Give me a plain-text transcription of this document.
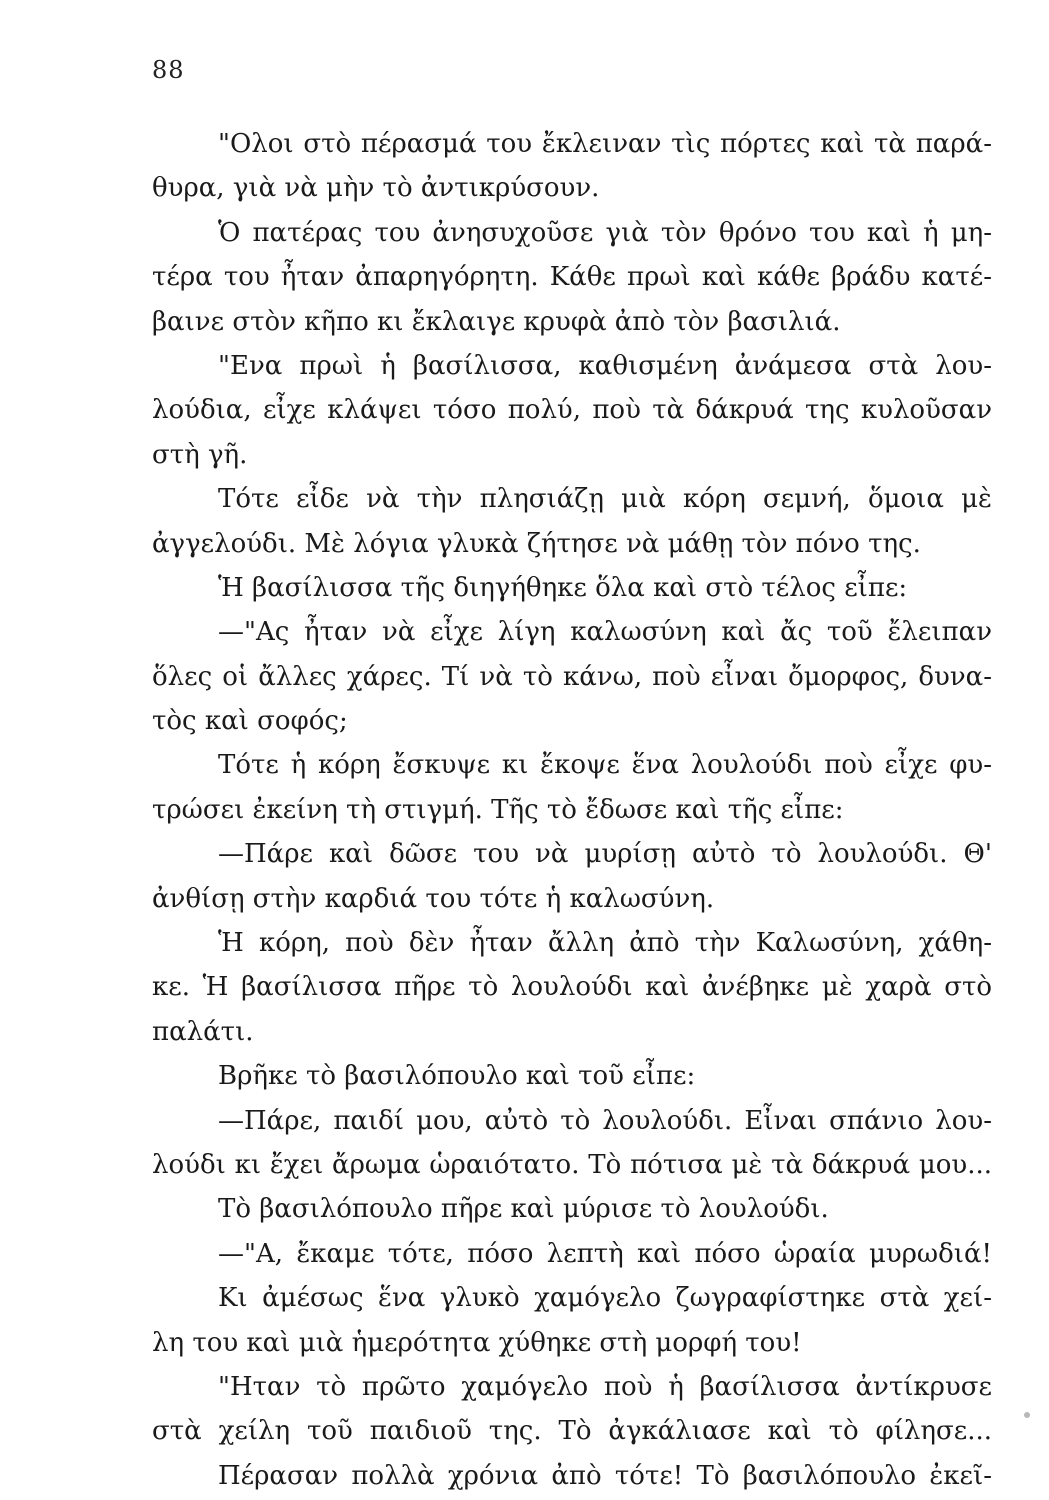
88
"Ολοι στὸ πέρασμά του ἔκλειναν τὶς πόρτες καὶ τὰ παρά-
θυρα, γιὰ νὰ μὴν τὸ ἀντικρύσουν.
Ὁ πατέρας του ἀνησυχοῦσε γιὰ τὸν θρόνο του καὶ ἡ μη-
τέρα του ἦταν ἀπαρηγόρητη. Κάθε πρωὶ καὶ κάθε βράδυ κατέ-
βαινε στὸν κῆπο κι ἔκλαιγε κρυφὰ ἀπὸ τὸν βασιλιά.
"Ενα πρωὶ ἡ βασίλισσα, καθισμένη ἀνάμεσα στὰ λου-
λούδια, εἶχε κλάψει τόσο πολύ, ποὺ τὰ δάκρυά της κυλοῦσαν
στὴ γῆ.
Τότε εἶδε νὰ τὴν πλησιάζῃ μιὰ κόρη σεμνή, ὅμοια μὲ
ἀγγελούδι. Μὲ λόγια γλυκὰ ζήτησε νὰ μάθῃ τὸν πόνο της.
Ἡ βασίλισσα τῆς διηγήθηκε ὅλα καὶ στὸ τέλος εἶπε:
—"Ας ἦταν νὰ εἶχε λίγη καλωσύνη καὶ ἄς τοῦ ἔλειπαν
ὅλες οἱ ἄλλες χάρες. Τί νὰ τὸ κάνω, ποὺ εἶναι ὄμορφος, δυνα-
τὸς καὶ σοφός;
Τότε ἡ κόρη ἔσκυψε κι ἔκοψε ἕνα λουλούδι ποὺ εἶχε φυ-
τρώσει ἐκείνη τὴ στιγμή. Τῆς τὸ ἔδωσε καὶ τῆς εἶπε:
—Πάρε καὶ δῶσε του νὰ μυρίσῃ αὐτὸ τὸ λουλούδι. Θ'
ἀνθίσῃ στὴν καρδιά του τότε ἡ καλωσύνη.
Ἡ κόρη, ποὺ δὲν ἦταν ἄλλη ἀπὸ τὴν Καλωσύνη, χάθη-
κε. Ἡ βασίλισσα πῆρε τὸ λουλούδι καὶ ἀνέβηκε μὲ χαρὰ στὸ
παλάτι.
Βρῆκε τὸ βασιλόπουλο καὶ τοῦ εἶπε:
—Πάρε, παιδί μου, αὐτὸ τὸ λουλούδι. Εἶναι σπάνιο λου-
λούδι κι ἔχει ἄρωμα ὡραιότατο. Τὸ πότισα μὲ τὰ δάκρυά μου...
Τὸ βασιλόπουλο πῆρε καὶ μύρισε τὸ λουλούδι.
—"Α, ἔκαμε τότε, πόσο λεπτὴ καὶ πόσο ὡραία μυρωδιά!
Κι ἀμέσως ἕνα γλυκὸ χαμόγελο ζωγραφίστηκε στὰ χεί-
λη του καὶ μιὰ ἡμερότητα χύθηκε στὴ μορφή του!
"Ηταν τὸ πρῶτο χαμόγελο ποὺ ἡ βασίλισσα ἀντίκρυσε
στὰ χείλη τοῦ παιδιοῦ της. Τὸ ἀγκάλιασε καὶ τὸ φίλησε...
Πέρασαν πολλὰ χρόνια ἀπὸ τότε! Τὸ βασιλόπουλο ἐκεῖ-
